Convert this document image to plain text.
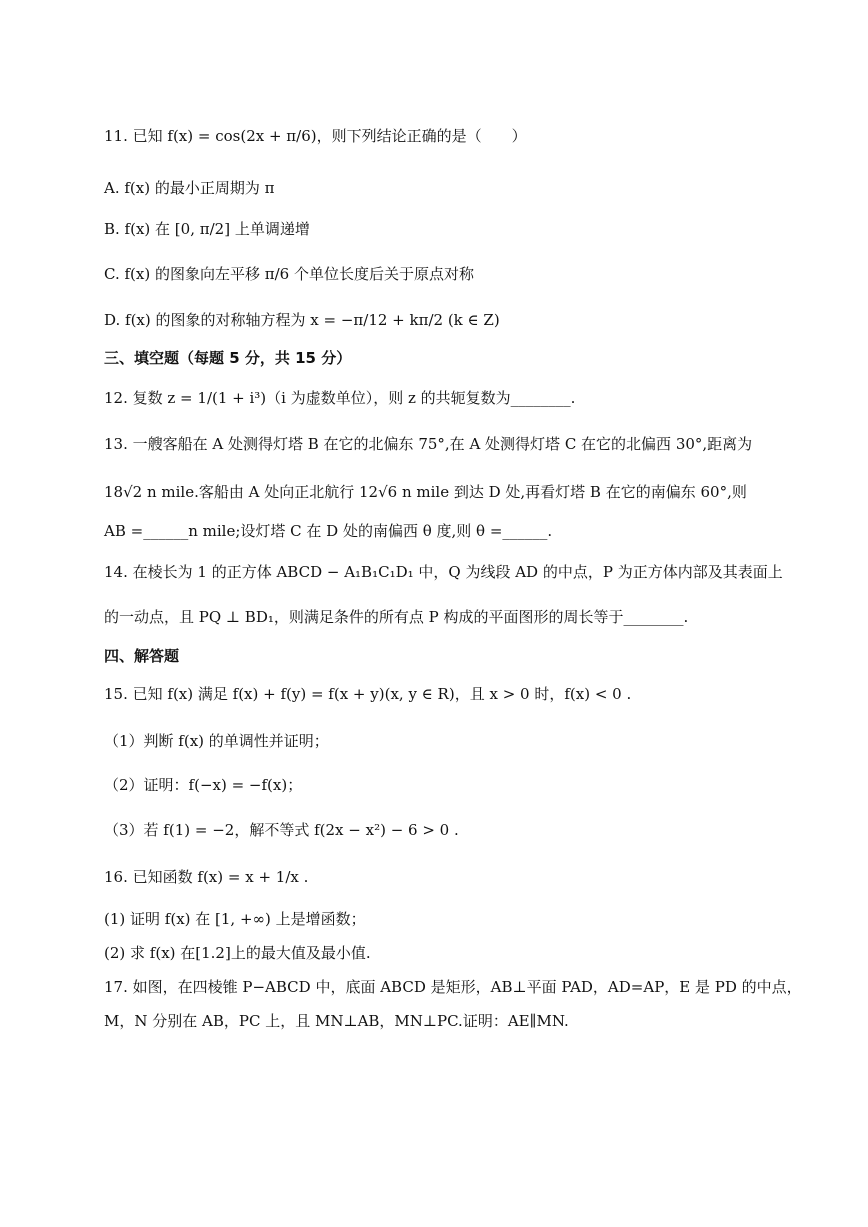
11. 已知 f(x) = cos(2x + π/6)，则下列结论正确的是（　　）
A. f(x) 的最小正周期为 π
B. f(x) 在 [0, π/2] 上单调递增
C. f(x) 的图象向左平移 π/6 个单位长度后关于原点对称
D. f(x) 的图象的对称轴方程为 x = −π/12 + kπ/2 (k ∈ Z)
三、填空题（每题 5 分，共 15 分）
12. 复数 z = 1/(1 + i³)（i 为虚数单位），则 z 的共轭复数为________.
13. 一艘客船在 A 处测得灯塔 B 在它的北偏东 75°,在 A 处测得灯塔 C 在它的北偏西 30°,距离为
18√2 n mile.客船由 A 处向正北航行 12√6 n mile 到达 D 处,再看灯塔 B 在它的南偏东 60°,则
AB =______n mile;设灯塔 C 在 D 处的南偏西 θ 度,则 θ =______.
14. 在棱长为 1 的正方体 ABCD − A₁B₁C₁D₁ 中，Q 为线段 AD 的中点，P 为正方体内部及其表面上
的一动点，且 PQ ⊥ BD₁，则满足条件的所有点 P 构成的平面图形的周长等于________.
四、解答题
15. 已知 f(x) 满足 f(x) + f(y) = f(x + y)(x, y ∈ R)，且 x > 0 时，f(x) < 0 .
（1）判断 f(x) 的单调性并证明；
（2）证明：f(−x) = −f(x)；
（3）若 f(1) = −2，解不等式 f(2x − x²) − 6 > 0 .
16. 已知函数 f(x) = x + 1/x .
(1) 证明 f(x) 在 [1, +∞) 上是增函数；
(2) 求 f(x) 在[1.2]上的最大值及最小值.
17. 如图，在四棱锥 P−ABCD 中，底面 ABCD 是矩形，AB⊥平面 PAD，AD=AP，E 是 PD 的中点，
M，N 分别在 AB，PC 上，且 MN⊥AB，MN⊥PC.证明：AE∥MN.
